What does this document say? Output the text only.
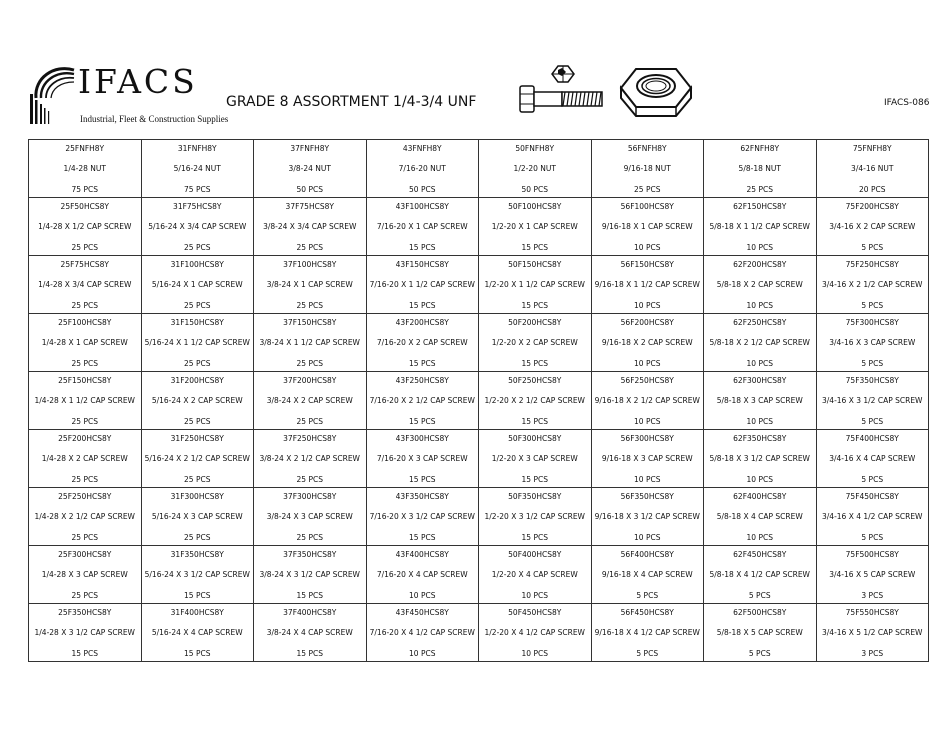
IFACS
Industrial, Fleet & Construction Supplies
GRADE 8 ASSORTMENT 1/4-3/4 UNF	IFACS-086
25FNFH8Y
1/4-28 NUT
75 PCS	31FNFH8Y
5/16-24 NUT
75 PCS	37FNFH8Y
3/8-24 NUT
50 PCS	43FNFH8Y
7/16-20 NUT
50 PCS	50FNFH8Y
1/2-20 NUT
50 PCS	56FNFH8Y
9/16-18 NUT
25 PCS	62FNFH8Y
5/8-18 NUT
25 PCS	75FNFH8Y
3/4-16 NUT
20 PCS

25F50HCS8Y
1/4-28 X 1/2 CAP SCREW
25 PCS	31F75HCS8Y
5/16-24 X 3/4 CAP SCREW
25 PCS	37F75HCS8Y
3/8-24 X 3/4 CAP SCREW
25 PCS	43F100HCS8Y
7/16-20 X 1 CAP SCREW
15 PCS	50F100HCS8Y
1/2-20 X 1 CAP SCREW
15 PCS	56F100HCS8Y
9/16-18 X 1 CAP SCREW
10 PCS	62F150HCS8Y
5/8-18 X 1 1/2 CAP SCREW
10 PCS	75F200HCS8Y
3/4-16 X 2 CAP SCREW
5 PCS

25F75HCS8Y
1/4-28 X 3/4 CAP SCREW
25 PCS	31F100HCS8Y
5/16-24 X 1 CAP SCREW
25 PCS	37F100HCS8Y
3/8-24 X 1 CAP SCREW
25 PCS	43F150HCS8Y
7/16-20 X 1 1/2 CAP SCREW
15 PCS	50F150HCS8Y
1/2-20 X 1 1/2 CAP SCREW
15 PCS	56F150HCS8Y
9/16-18 X 1 1/2 CAP SCREW
10 PCS	62F200HCS8Y
5/8-18 X 2 CAP SCREW
10 PCS	75F250HCS8Y
3/4-16 X 2 1/2 CAP SCREW
5 PCS

25F100HCS8Y
1/4-28 X 1 CAP SCREW
25 PCS	31F150HCS8Y
5/16-24 X 1 1/2 CAP SCREW
25 PCS	37F150HCS8Y
3/8-24 X 1 1/2 CAP SCREW
25 PCS	43F200HCS8Y
7/16-20 X 2 CAP SCREW
15 PCS	50F200HCS8Y
1/2-20 X 2 CAP SCREW
15 PCS	56F200HCS8Y
9/16-18 X 2 CAP SCREW
10 PCS	62F250HCS8Y
5/8-18 X 2 1/2 CAP SCREW
10 PCS	75F300HCS8Y
3/4-16 X 3 CAP SCREW
5 PCS

25F150HCS8Y
1/4-28 X 1 1/2 CAP SCREW
25 PCS	31F200HCS8Y
5/16-24 X 2 CAP SCREW
25 PCS	37F200HCS8Y
3/8-24 X 2 CAP SCREW
25 PCS	43F250HCS8Y
7/16-20 X 2 1/2 CAP SCREW
15 PCS	50F250HCS8Y
1/2-20 X 2 1/2 CAP SCREW
15 PCS	56F250HCS8Y
9/16-18 X 2 1/2 CAP SCREW
10 PCS	62F300HCS8Y
5/8-18 X 3 CAP SCREW
10 PCS	75F350HCS8Y
3/4-16 X 3 1/2 CAP SCREW
5 PCS

25F200HCS8Y
1/4-28 X 2 CAP SCREW
25 PCS	31F250HCS8Y
5/16-24 X 2 1/2 CAP SCREW
25 PCS	37F250HCS8Y
3/8-24 X 2 1/2 CAP SCREW
25 PCS	43F300HCS8Y
7/16-20 X 3 CAP SCREW
15 PCS	50F300HCS8Y
1/2-20 X 3 CAP SCREW
15 PCS	56F300HCS8Y
9/16-18 X 3 CAP SCREW
10 PCS	62F350HCS8Y
5/8-18 X 3 1/2 CAP SCREW
10 PCS	75F400HCS8Y
3/4-16 X 4 CAP SCREW
5 PCS

25F250HCS8Y
1/4-28 X 2 1/2 CAP SCREW
25 PCS	31F300HCS8Y
5/16-24 X 3 CAP SCREW
25 PCS	37F300HCS8Y
3/8-24 X 3 CAP SCREW
25 PCS	43F350HCS8Y
7/16-20 X 3 1/2 CAP SCREW
15 PCS	50F350HCS8Y
1/2-20 X 3 1/2 CAP SCREW
15 PCS	56F350HCS8Y
9/16-18 X 3 1/2 CAP SCREW
10 PCS	62F400HCS8Y
5/8-18 X 4 CAP SCREW
10 PCS	75F450HCS8Y
3/4-16 X 4 1/2 CAP SCREW
5 PCS

25F300HCS8Y
1/4-28 X 3 CAP SCREW
25 PCS	31F350HCS8Y
5/16-24 X 3 1/2 CAP SCREW
15 PCS	37F350HCS8Y
3/8-24 X 3 1/2 CAP SCREW
15 PCS	43F400HCS8Y
7/16-20 X 4 CAP SCREW
10 PCS	50F400HCS8Y
1/2-20 X 4 CAP SCREW
10 PCS	56F400HCS8Y
9/16-18 X 4 CAP SCREW
5 PCS	62F450HCS8Y
5/8-18 X 4 1/2 CAP SCREW
5 PCS	75F500HCS8Y
3/4-16 X 5 CAP SCREW
3 PCS

25F350HCS8Y
1/4-28 X 3 1/2 CAP SCREW
15 PCS	31F400HCS8Y
5/16-24 X 4 CAP SCREW
15 PCS	37F400HCS8Y
3/8-24 X 4 CAP SCREW
15 PCS	43F450HCS8Y
7/16-20 X 4 1/2 CAP SCREW
10 PCS	50F450HCS8Y
1/2-20 X 4 1/2 CAP SCREW
10 PCS	56F450HCS8Y
9/16-18 X 4 1/2 CAP SCREW
5 PCS	62F500HCS8Y
5/8-18 X 5 CAP SCREW
5 PCS	75F550HCS8Y
3/4-16 X 5 1/2 CAP SCREW
3 PCS
